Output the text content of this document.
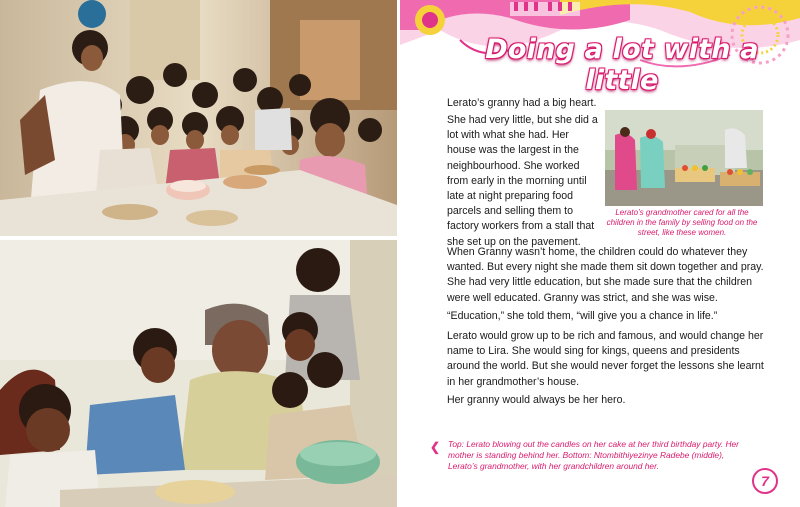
Doing a lot with a little

Lerato’s grandmother cared for all the children in the family by selling food on the street, like these women.

Lerato’s granny had a big heart.

She had very little, but she did a lot with what she had. Her house was the largest in the neighbourhood. She worked from early in the morning until late at night preparing food parcels and selling them to factory workers from a stall that she set up on the pavement.

When Granny wasn’t home, the children could do whatever they wanted. But every night she made them sit down together and pray. She had very little education, but she made sure that the children were well educated. Granny was strict, and she was wise.

“Education,” she told them, “will give you a chance in life.”

Lerato would grow up to be rich and famous, and would change her name to Lira. She would sing for kings, queens and presidents around the world. But she would never forget the lessons she learnt in her grandmother’s house.

Her granny would always be her hero.

❮ Top: Lerato blowing out the candles on her cake at her third birthday party. Her mother is standing behind her. Bottom: Ntombithiyezinye Radebe (middle), Lerato’s grandmother, with her grandchildren around her.

7
